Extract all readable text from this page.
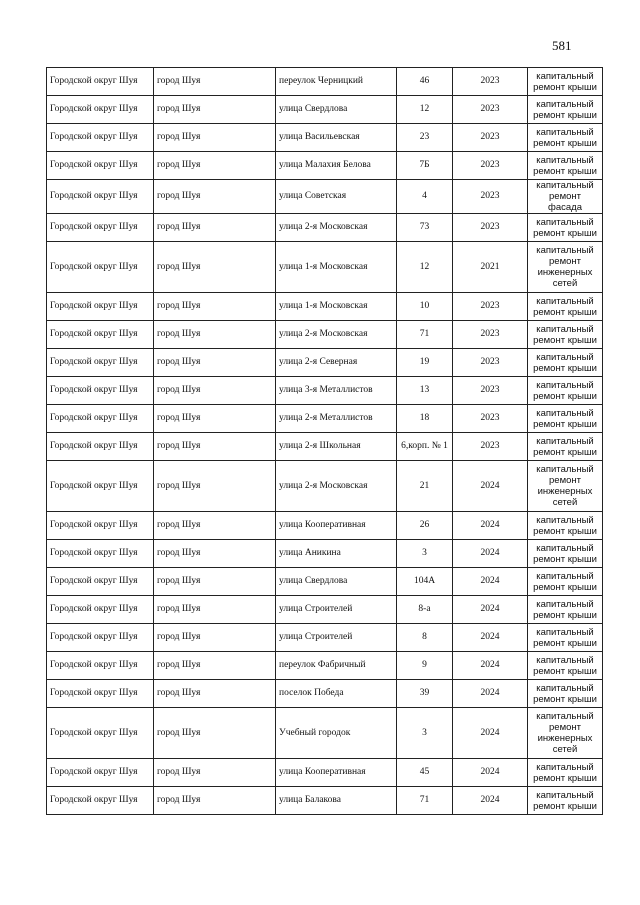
581
Городской округ Шуя	город Шуя	переулок Черницкий	46	2023	капитальный ремонт крыши
Городской округ Шуя	город Шуя	улица Свердлова	12	2023	капитальный ремонт крыши
Городской округ Шуя	город Шуя	улица Васильевская	23	2023	капитальный ремонт крыши
Городской округ Шуя	город Шуя	улица Малахия Белова	7Б	2023	капитальный ремонт крыши
Городской округ Шуя	город Шуя	улица Советская	4	2023	капитальный ремонт фасада
Городской округ Шуя	город Шуя	улица 2-я Московская	73	2023	капитальный ремонт крыши
Городской округ Шуя	город Шуя	улица 1-я Московская	12	2021	капитальный ремонт инженерных сетей
Городской округ Шуя	город Шуя	улица 1-я Московская	10	2023	капитальный ремонт крыши
Городской округ Шуя	город Шуя	улица 2-я Московская	71	2023	капитальный ремонт крыши
Городской округ Шуя	город Шуя	улица 2-я Северная	19	2023	капитальный ремонт крыши
Городской округ Шуя	город Шуя	улица 3-я Металлистов	13	2023	капитальный ремонт крыши
Городской округ Шуя	город Шуя	улица 2-я Металлистов	18	2023	капитальный ремонт крыши
Городской округ Шуя	город Шуя	улица 2-я Школьная	6,корп. № 1	2023	капитальный ремонт крыши
Городской округ Шуя	город Шуя	улица 2-я Московская	21	2024	капитальный ремонт инженерных сетей
Городской округ Шуя	город Шуя	улица Кооперативная	26	2024	капитальный ремонт крыши
Городской округ Шуя	город Шуя	улица Аникина	3	2024	капитальный ремонт крыши
Городской округ Шуя	город Шуя	улица Свердлова	104А	2024	капитальный ремонт крыши
Городской округ Шуя	город Шуя	улица Строителей	8-а	2024	капитальный ремонт крыши
Городской округ Шуя	город Шуя	улица Строителей	8	2024	капитальный ремонт крыши
Городской округ Шуя	город Шуя	переулок Фабричный	9	2024	капитальный ремонт крыши
Городской округ Шуя	город Шуя	поселок Победа	39	2024	капитальный ремонт крыши
Городской округ Шуя	город Шуя	Учебный городок	3	2024	капитальный ремонт инженерных сетей
Городской округ Шуя	город Шуя	улица Кооперативная	45	2024	капитальный ремонт крыши
Городской округ Шуя	город Шуя	улица Балакова	71	2024	капитальный ремонт крыши
